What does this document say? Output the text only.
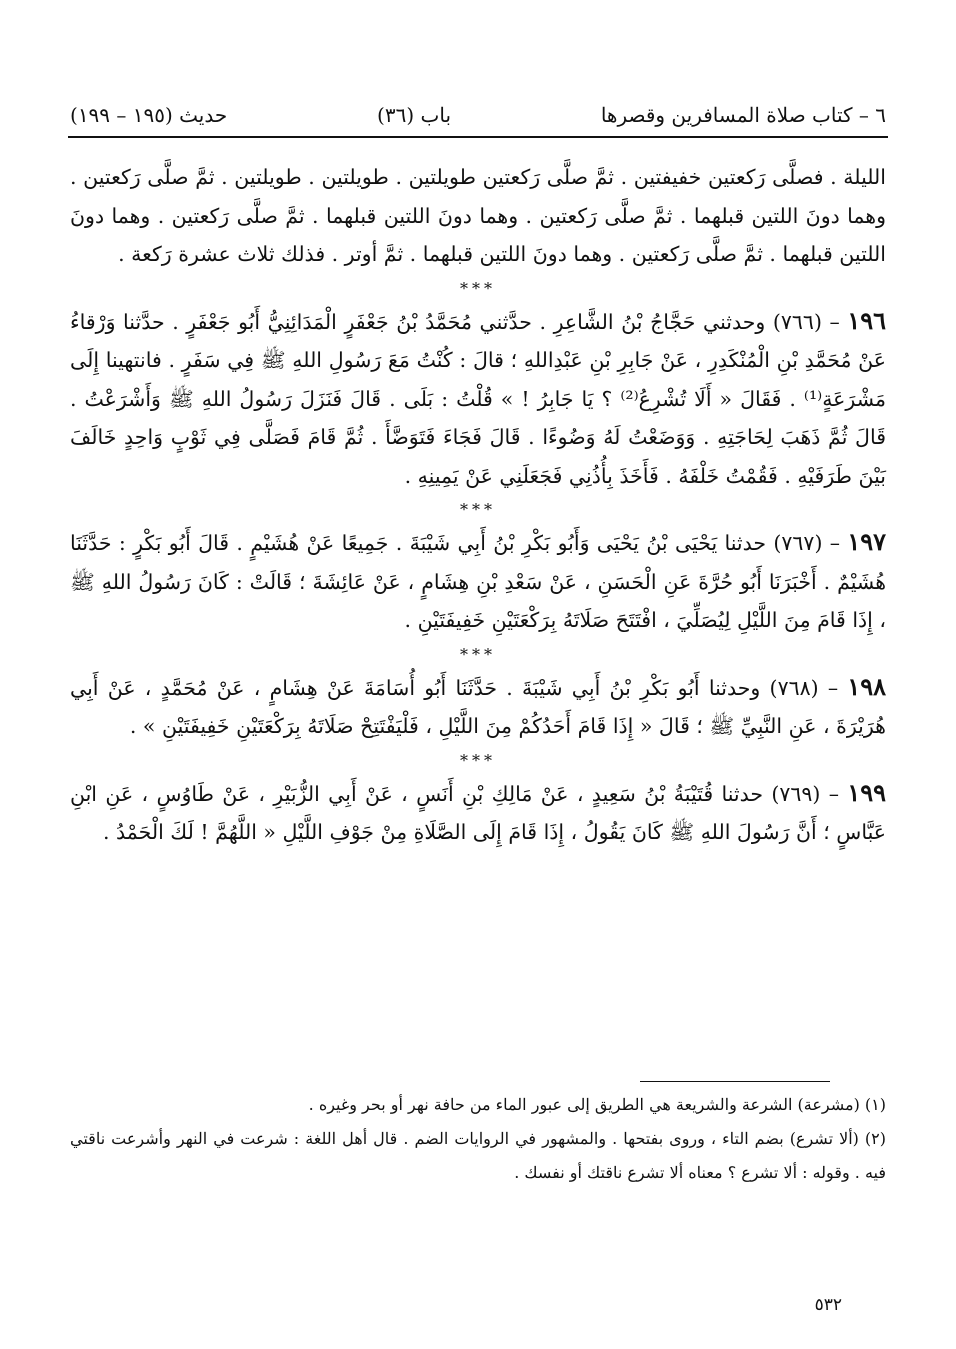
(١٩٥ – ١٩٩) حديث	(٣٦) باب	٦ – كتاب صلاة المسافرين وقصرها

الليلة . فصلَّى رَكعتين خفيفتين . ثمَّ صلَّى رَكعتين طويلتين . طويلتين . طويلتين . ثمَّ صلَّى رَكعتين . وهما دونَ اللتين قبلهما . ثمَّ صلَّى رَكعتين . وهما دونَ اللتين قبلهما . ثمَّ صلَّى رَكعتين . وهما دونَ اللتين قبلهما . ثمَّ صلَّى رَكعتين . وهما دونَ اللتين قبلهما . ثمَّ أوتر . فذلك ثلاث عشرة رَكعة .

***

١٩٦ – (٧٦٦) وحدثني حَجَّاجُ بْنُ الشَّاعِرِ . حدَّثني مُحَمَّدُ بْنُ جَعْفَرٍ الْمَدَائِنِيُّ أَبُو جَعْفَرٍ . حدَّثنا وَرْقاءُ عَنْ مُحَمَّدِ بْنِ الْمُنْكَدِرِ ، عَنْ جَابِرِ بْنِ عَبْدِاللهِ ؛ قالَ : كُنْتُ مَعَ رَسُولِ اللهِ ﷺ فِي سَفَرٍ . فانتهينا إِلَى مَشْرَعَةٍ⁽¹⁾ . فَقَالَ « أَلَا تُشْرِعُ⁽²⁾ ؟ يَا جَابِرُ ! » قُلْتُ : بَلَى . قَالَ فَنَزَلَ رَسُولُ اللهِ ﷺ وَأَشْرَعْتُ . قَالَ ثُمَّ ذَهَبَ لِحَاجَتِهِ . وَوَضَعْتُ لَهُ وَضُوءًا . قَالَ فَجَاءَ فَتَوَضَّأَ . ثُمَّ قَامَ فَصَلَّى فِي ثَوْبٍ وَاحِدٍ خَالَفَ بَيْنَ طَرَفَيْهِ . فَقُمْتُ خَلْفَهُ . فَأَخَذَ بِأُذُنِي فَجَعَلَنِي عَنْ يَمِينِهِ .

***

١٩٧ – (٧٦٧) حدثنا يَحْيَى بْنُ يَحْيَى وَأَبُو بَكْرِ بْنُ أَبِي شَيْبَةَ . جَمِيعًا عَنْ هُشَيْمٍ . قَالَ أَبُو بَكْرٍ : حَدَّثَنَا هُشَيْمٌ . أَخْبَرَنَا أَبُو حُرَّةَ عَنِ الْحَسَنِ ، عَنْ سَعْدِ بْنِ هِشَامٍ ، عَنْ عَائِشَةَ ؛ قَالَتْ : كَانَ رَسُولُ اللهِ ﷺ ، إِذَا قَامَ مِنَ اللَّيْلِ لِيُصَلِّيَ ، افْتَتَحَ صَلَاتَهُ بِرَكْعَتَيْنِ خَفِيفَتَيْنِ .

***

١٩٨ – (٧٦٨) وحدثنا أَبُو بَكْرِ بْنُ أَبِي شَيْبَةَ . حَدَّثَنَا أَبُو أُسَامَةَ عَنْ هِشَامٍ ، عَنْ مُحَمَّدٍ ، عَنْ أَبِي هُرَيْرَةَ ، عَنِ النَّبِيِّ ﷺ ؛ قَالَ « إِذَا قَامَ أَحَدُكُمْ مِنَ اللَّيْلِ ، فَلْيَفْتَتِحْ صَلَاتَهُ بِرَكْعَتَيْنِ خَفِيفَتَيْنِ » .

***

١٩٩ – (٧٦٩) حدثنا قُتَيْبَةُ بْنُ سَعِيدٍ ، عَنْ مَالِكِ بْنِ أَنَسٍ ، عَنْ أَبِي الزُّبَيْرِ ، عَنْ طَاوُسٍ ، عَنِ ابْنِ عَبَّاسٍ ؛ أَنَّ رَسُولَ اللهِ ﷺ كَانَ يَقُولُ ، إِذَا قَامَ إِلَى الصَّلَاةِ مِنْ جَوْفِ اللَّيْلِ « اللَّهُمَّ ! لَكَ الْحَمْدُ .

(١) (مشرعة) الشرعة والشريعة هي الطريق إلى عبور الماء من حافة نهر أو بحر وغيره .

(٢) (ألا تشرع) بضم التاء ، وروى بفتحها . والمشهور في الروايات الضم . قال أهل اللغة : شرعت في النهر وأشرعت ناقتي فيه . وقوله : ألا تشرع ؟ معناه ألا تشرع ناقتك أو نفسك .

٥٣٢
